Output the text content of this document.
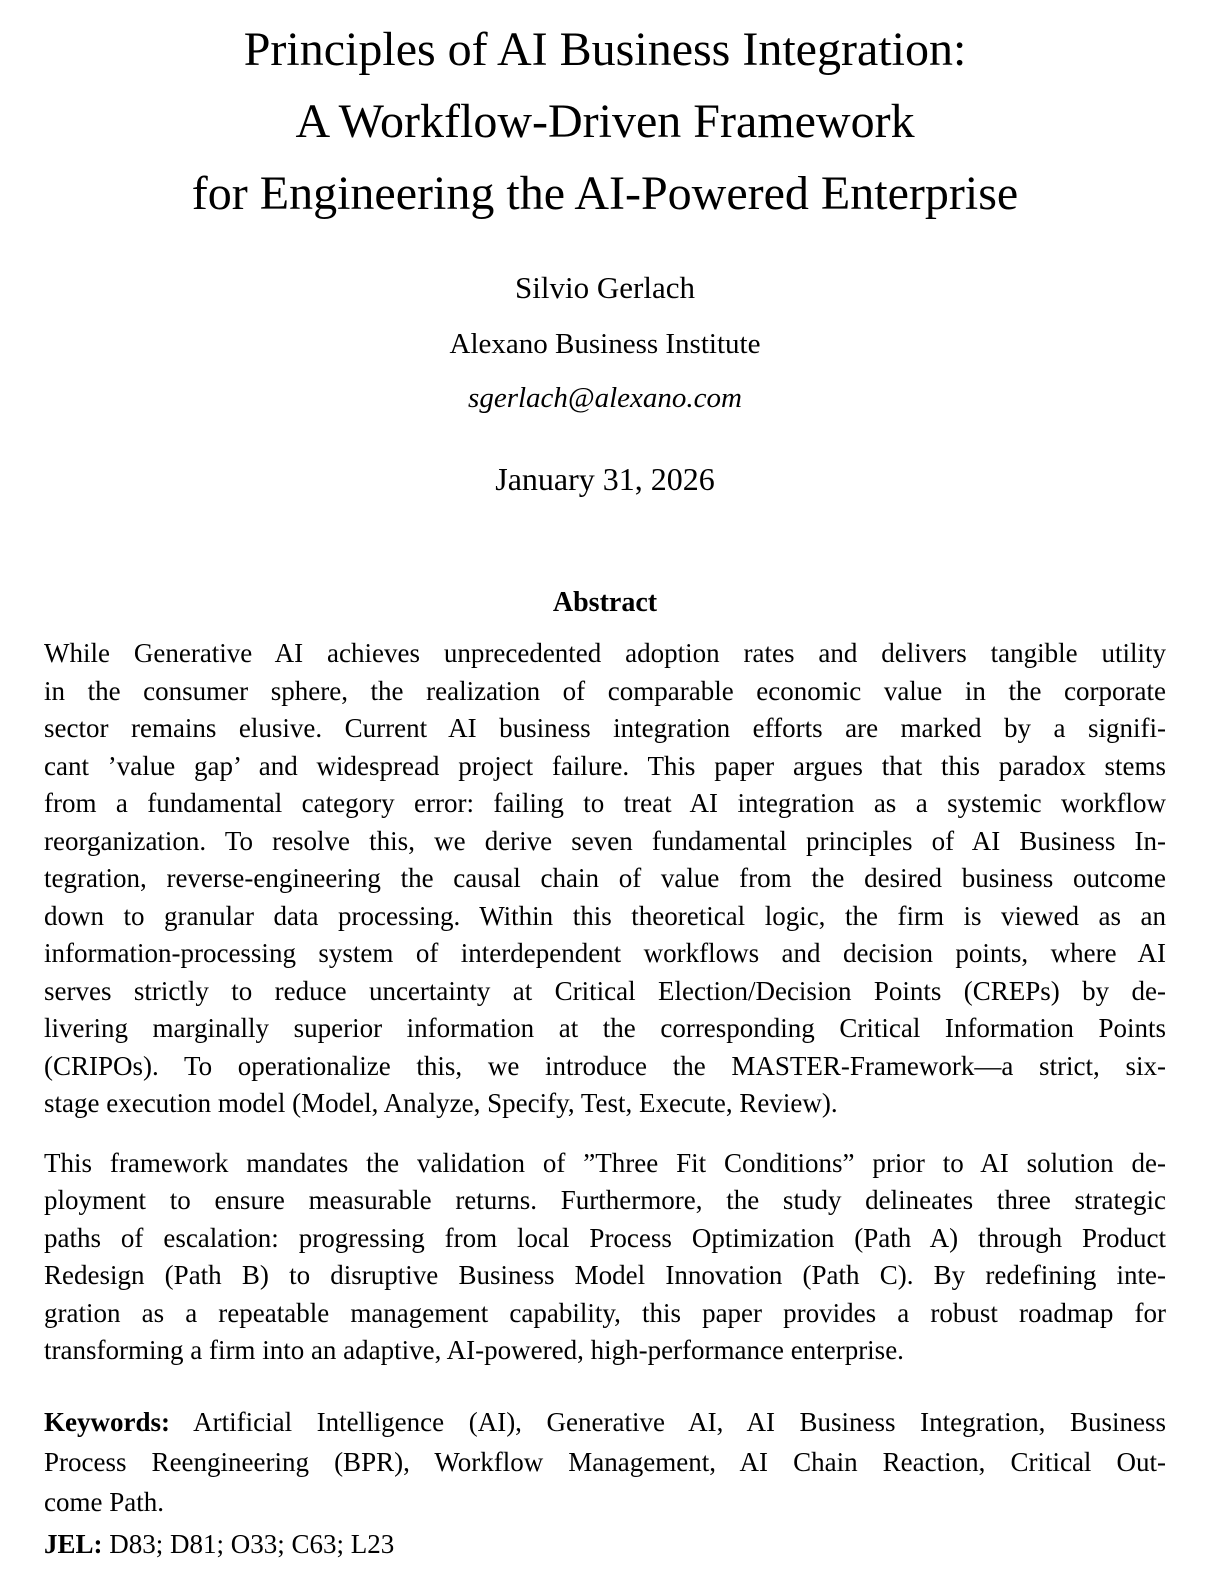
Principles of AI Business Integration:
A Workflow-Driven Framework
for Engineering the AI-Powered Enterprise
Silvio Gerlach
Alexano Business Institute
sgerlach@alexano.com
January 31, 2026
Abstract
While Generative AI achieves unprecedented adoption rates and delivers tangible utility
in the consumer sphere, the realization of comparable economic value in the corporate
sector remains elusive. Current AI business integration efforts are marked by a signifi-
cant ’value gap’ and widespread project failure. This paper argues that this paradox stems
from a fundamental category error: failing to treat AI integration as a systemic workflow
reorganization. To resolve this, we derive seven fundamental principles of AI Business In-
tegration, reverse-engineering the causal chain of value from the desired business outcome
down to granular data processing. Within this theoretical logic, the firm is viewed as an
information-processing system of interdependent workflows and decision points, where AI
serves strictly to reduce uncertainty at Critical Election/Decision Points (CREPs) by de-
livering marginally superior information at the corresponding Critical Information Points
(CRIPOs). To operationalize this, we introduce the MASTER-Framework—a strict, six-
stage execution model (Model, Analyze, Specify, Test, Execute, Review).
This framework mandates the validation of ”Three Fit Conditions” prior to AI solution de-
ployment to ensure measurable returns. Furthermore, the study delineates three strategic
paths of escalation: progressing from local Process Optimization (Path A) through Product
Redesign (Path B) to disruptive Business Model Innovation (Path C). By redefining inte-
gration as a repeatable management capability, this paper provides a robust roadmap for
transforming a firm into an adaptive, AI-powered, high-performance enterprise.
Keywords: Artificial Intelligence (AI), Generative AI, AI Business Integration, Business
Process Reengineering (BPR), Workflow Management, AI Chain Reaction, Critical Out-
come Path.
JEL: D83; D81; O33; C63; L23
